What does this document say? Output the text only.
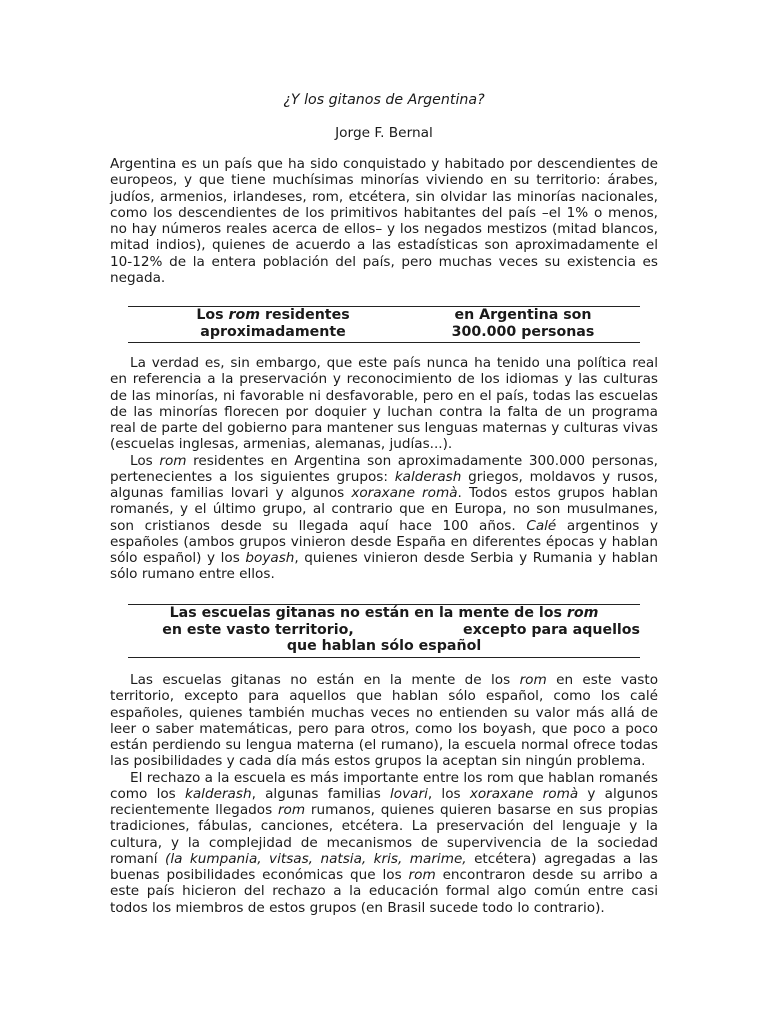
¿Y los gitanos de Argentina?
Jorge F. Bernal

Argentina es un país que ha sido conquistado y habitado por descendientes de europeos, y que tiene muchísimas minorías viviendo en su territorio: árabes, judíos, armenios, irlandeses, rom, etcétera, sin olvidar las minorías nacionales, como los descendientes de los primitivos habitantes del país –el 1% o menos, no hay números reales acerca de ellos– y los negados mestizos (mitad blancos, mitad indios), quienes de acuerdo a las estadísticas son aproximadamente el 10-12% de la entera población del país, pero muchas veces su existencia es negada.

Los rom residentes
aproximadamente
en Argentina son
300.000 personas

La verdad es, sin embargo, que este país nunca ha tenido una política real en referencia a la preservación y reconocimiento de los idiomas y las culturas de las minorías, ni favorable ni desfavorable, pero en el país, todas las escuelas de las minorías florecen por doquier y luchan contra la falta de un programa real de parte del gobierno para mantener sus lenguas maternas y culturas vivas (escuelas inglesas, armenias, alemanas, judías...).

Los rom residentes en Argentina son aproximadamente 300.000 personas, pertenecientes a los siguientes grupos: kalderash griegos, moldavos y rusos, algunas familias lovari y algunos xoraxane romà. Todos estos grupos hablan romanés, y el último grupo, al contrario que en Europa, no son musulmanes, son cristianos desde su llegada aquí hace 100 años. Calé argentinos y españoles (ambos grupos vinieron desde España en diferentes épocas y hablan sólo español) y los boyash, quienes vinieron desde Serbia y Rumania y hablan sólo rumano entre ellos.

Las escuelas gitanas no están en la mente de los rom
en este vasto territorio,	excepto para aquellos
que hablan sólo español

Las escuelas gitanas no están en la mente de los rom en este vasto territorio, excepto para aquellos que hablan sólo español, como los calé españoles, quienes también muchas veces no entienden su valor más allá de leer o saber matemáticas, pero para otros, como los boyash, que poco a poco están perdiendo su lengua materna (el rumano), la escuela normal ofrece todas las posibilidades y cada día más estos grupos la aceptan sin ningún problema.

El rechazo a la escuela es más importante entre los rom que hablan romanés como los kalderash, algunas familias lovari, los xoraxane romà y algunos recientemente llegados rom rumanos, quienes quieren basarse en sus propias tradiciones, fábulas, canciones, etcétera. La preservación del lenguaje y la cultura, y la complejidad de mecanismos de supervivencia de la sociedad romaní (la kumpania, vitsas, natsia, kris, marime, etcétera) agregadas a las buenas posibilidades económicas que los rom encontraron desde su arribo a este país hicieron del rechazo a la educación formal algo común entre casi todos los miembros de estos grupos (en Brasil sucede todo lo contrario).
